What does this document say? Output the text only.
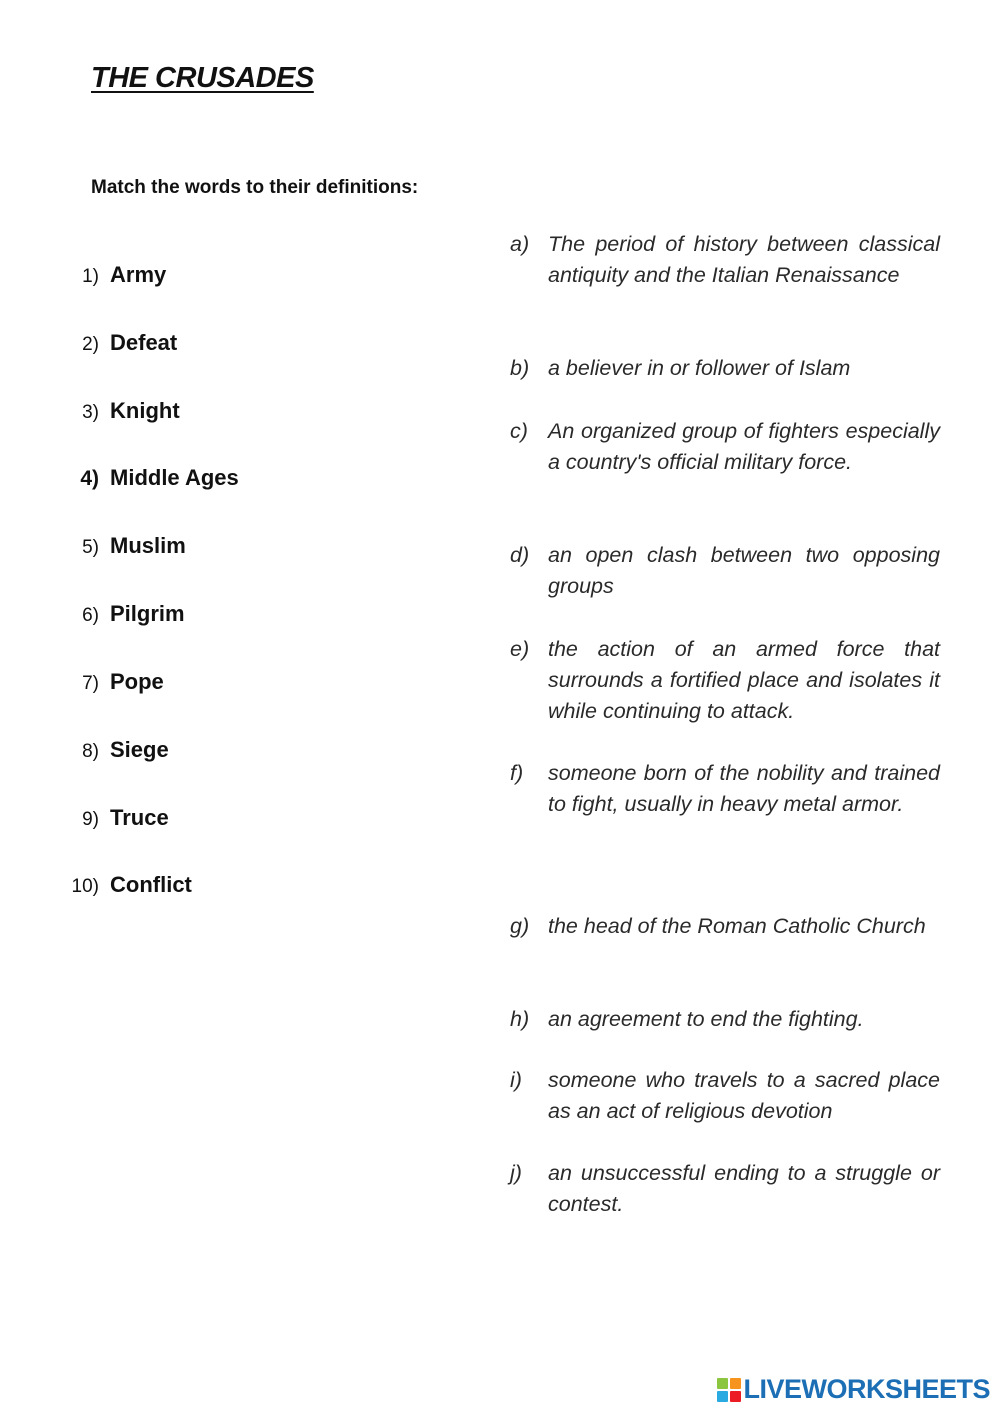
THE CRUSADES
Match the words to their definitions:
1) Army
2) Defeat
3) Knight
4) Middle Ages
5) Muslim
6) Pilgrim
7) Pope
8) Siege
9) Truce
10) Conflict
a) The period of history between classical antiquity and the Italian Renaissance
b) a believer in or follower of Islam
c) An organized group of fighters especially a country's official military force.
d) an open clash between two opposing groups
e) the action of an armed force that surrounds a fortified place and isolates it while continuing to attack.
f)	someone born of the nobility and trained to fight, usually in heavy metal armor.
g) the head of the Roman Catholic Church
h) an agreement to end the fighting.
i)	someone who travels to a sacred place as an act of religious devotion
j)	an unsuccessful ending to a struggle or contest.
LIVEWORKSHEETS
